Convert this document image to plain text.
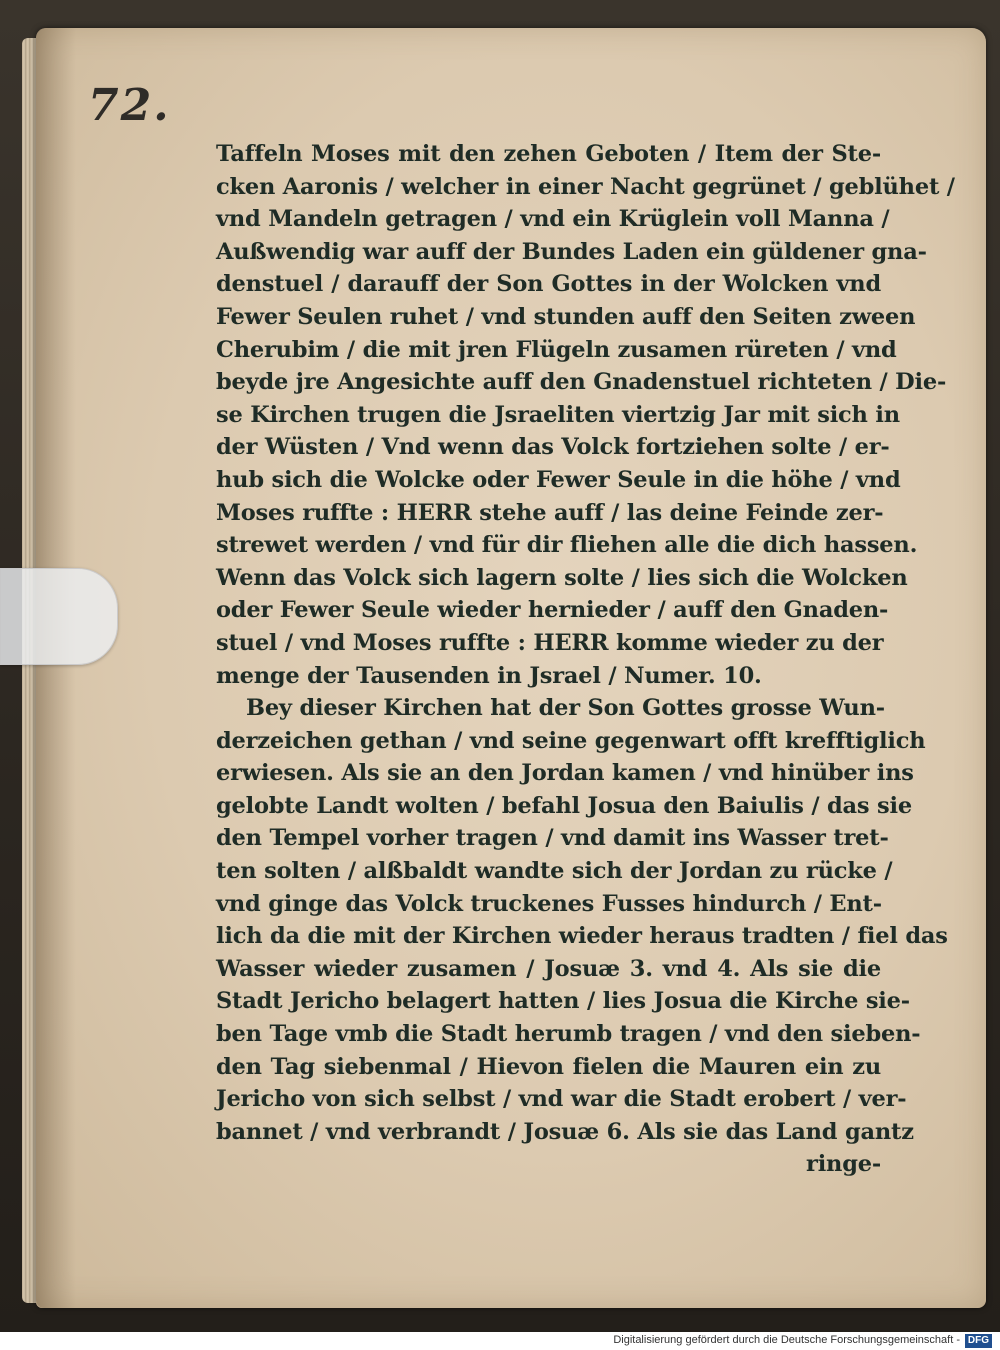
72.
Taffeln Moses mit den zehen Geboten / Item der Ste-
cken Aaronis / welcher in einer Nacht gegrünet / geblühet /
vnd Mandeln getragen / vnd ein Krüglein voll Manna /
Außwendig war auff der Bundes Laden ein güldener gna-
denstuel / darauff der Son Gottes in der Wolcken vnd
Fewer Seulen ruhet / vnd stunden auff den Seiten zween
Cherubim / die mit jren Flügeln zusamen rüreten / vnd
beyde jre Angesichte auff den Gnadenstuel richteten / Die-
se Kirchen trugen die Jsraeliten viertzig Jar mit sich in
der Wüsten / Vnd wenn das Volck fortziehen solte / er-
hub sich die Wolcke oder Fewer Seule in die höhe / vnd
Moses ruffte : HERR stehe auff / las deine Feinde zer-
strewet werden / vnd für dir fliehen alle die dich hassen.
Wenn das Volck sich lagern solte / lies sich die Wolcken
oder Fewer Seule wieder hernieder / auff den Gnaden-
stuel / vnd Moses ruffte : HERR komme wieder zu der
menge der Tausenden in Jsrael / Numer. 10.
Bey dieser Kirchen hat der Son Gottes grosse Wun-
derzeichen gethan / vnd seine gegenwart offt krefftiglich
erwiesen. Als sie an den Jordan kamen / vnd hinüber ins
gelobte Landt wolten / befahl Josua den Baiulis / das sie
den Tempel vorher tragen / vnd damit ins Wasser tret-
ten solten / alßbaldt wandte sich der Jordan zu rücke /
vnd ginge das Volck truckenes Fusses hindurch / Ent-
lich da die mit der Kirchen wieder heraus tradten / fiel das
Wasser wieder zusamen / Josuæ 3. vnd 4. Als sie die
Stadt Jericho belagert hatten / lies Josua die Kirche sie-
ben Tage vmb die Stadt herumb tragen / vnd den sieben-
den Tag siebenmal / Hievon fielen die Mauren ein zu
Jericho von sich selbst / vnd war die Stadt erobert / ver-
bannet / vnd verbrandt / Josuæ 6. Als sie das Land gantz
ringe-
Digitalisierung gefördert durch die Deutsche Forschungsgemeinschaft - DFG
